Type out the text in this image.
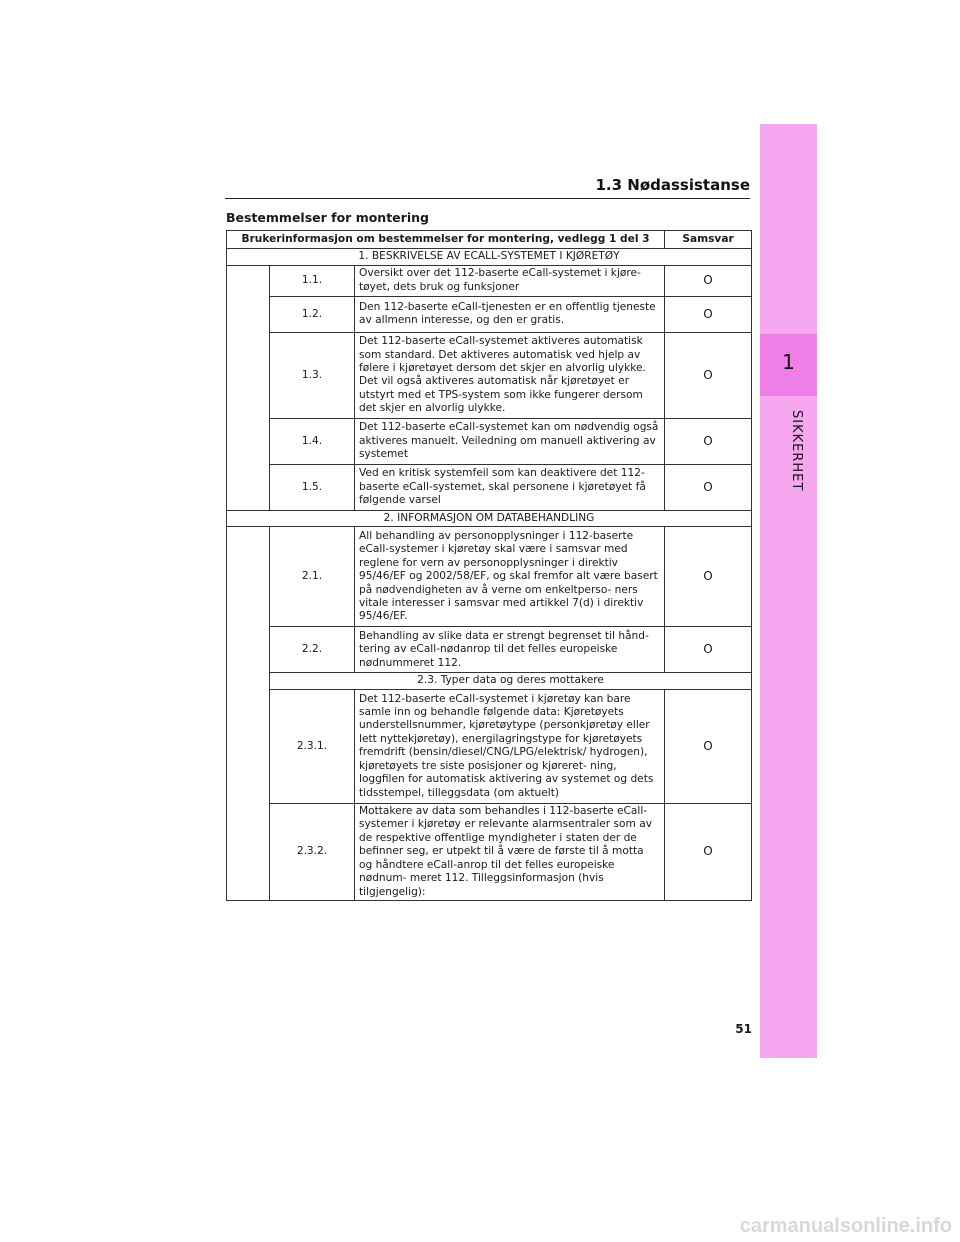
1
SIKKERHET
1.3 Nødassistanse
Bestemmelser for montering
Brukerinformasjon om bestemmelser for montering, vedlegg 1 del 3			Samsvar
1. BESKRIVELSE AV ECALL-SYSTEMET I KJØRETØY			
	1.1.	Oversikt over det 112-baserte eCall-systemet i kjøre- tøyet, dets bruk og funksjoner	O
	1.2.	Den 112-baserte eCall-tjenesten er en offentlig tjeneste av allmenn interesse, og den er gratis.	O
	1.3.	Det 112-baserte eCall-systemet aktiveres automatisk som standard. Det aktiveres automatisk ved hjelp av følere i kjøretøyet dersom det skjer en alvorlig ulykke. Det vil også aktiveres automatisk når kjøretøyet er utstyrt med et TPS-system som ikke fungerer dersom det skjer en alvorlig ulykke.	O
	1.4.	Det 112-baserte eCall-systemet kan om nødvendig også aktiveres manuelt. Veiledning om manuell aktivering av systemet	O
	1.5.	Ved en kritisk systemfeil som kan deaktivere det 112- baserte eCall-systemet, skal personene i kjøretøyet få følgende varsel	O
2. INFORMASJON OM DATABEHANDLING			
	2.1.	All behandling av personopplysninger i 112-baserte eCall-systemer i kjøretøy skal være i samsvar med reglene for vern av personopplysninger i direktiv 95/46/EF og 2002/58/EF, og skal fremfor alt være basert på nødvendigheten av å verne om enkeltperso- ners vitale interesser i samsvar med artikkel 7(d) i direktiv 95/46/EF.	O
	2.2.	Behandling av slike data er strengt begrenset til hånd- tering av eCall-nødanrop til det felles europeiske nødnummeret 112.	O
	2.3. Typer data og deres mottakere		
	2.3.1.	Det 112-baserte eCall-systemet i kjøretøy kan bare samle inn og behandle følgende data: Kjøretøyets understellsnummer, kjøretøytype (personkjøretøy eller lett nyttekjøretøy), energilagringstype for kjøretøyets fremdrift (bensin/diesel/CNG/LPG/elektrisk/ hydrogen), kjøretøyets tre siste posisjoner og kjøreret- ning, loggfilen for automatisk aktivering av systemet og dets tidsstempel, tilleggsdata (om aktuelt)	O
	2.3.2.	Mottakere av data som behandles i 112-baserte eCall- systemer i kjøretøy er relevante alarmsentraler som av de respektive offentlige myndigheter i staten der de befinner seg, er utpekt til å være de første til å motta og håndtere eCall-anrop til det felles europeiske nødnum- meret 112. Tilleggsinformasjon (hvis tilgjengelig):	O
51
carmanualsonline.info
